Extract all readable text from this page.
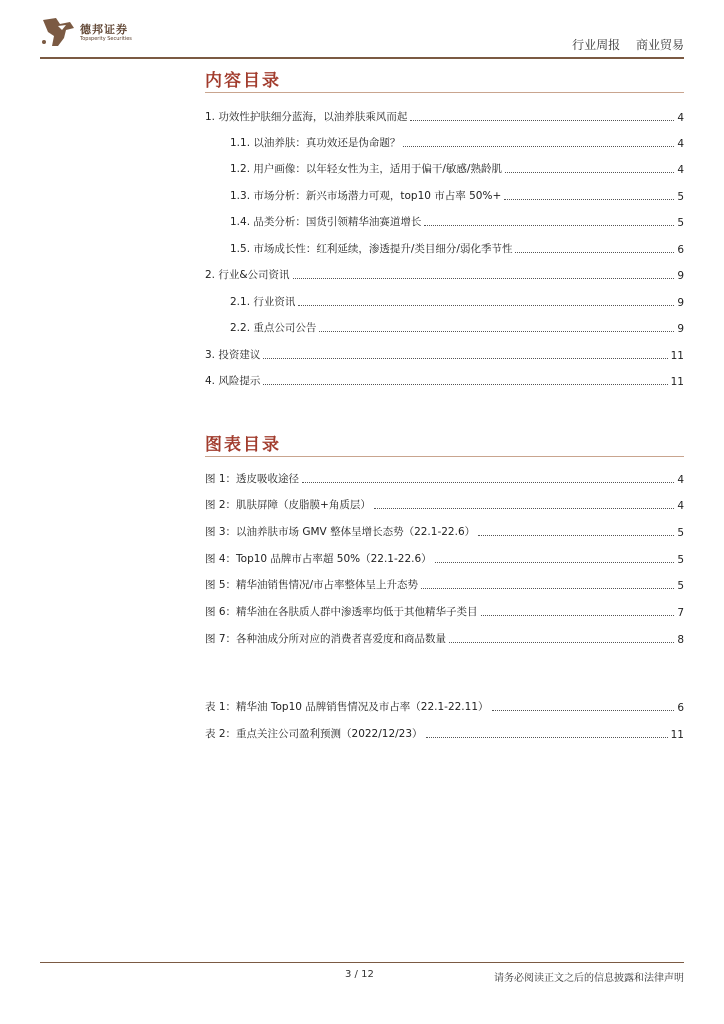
德邦证券
Topsperity Securities	行业周报 商业贸易
内容目录
1. 功效性护肤细分蓝海，以油养肤乘风而起	4
1.1. 以油养肤：真功效还是伪命题？	4
1.2. 用户画像：以年轻女性为主，适用于偏干/敏感/熟龄肌	4
1.3. 市场分析：新兴市场潜力可观，top10 市占率 50%+	5
1.4. 品类分析：国货引领精华油赛道增长	5
1.5. 市场成长性：红利延续，渗透提升/类目细分/弱化季节性	6
2. 行业&公司资讯	9
2.1. 行业资讯	9
2.2. 重点公司公告	9
3. 投资建议	11
4. 风险提示	11
图表目录
图 1：透皮吸收途径	4
图 2：肌肤屏障（皮脂膜+角质层）	4
图 3：以油养肤市场 GMV 整体呈增长态势（22.1-22.6）	5
图 4：Top10 品牌市占率超 50%（22.1-22.6）	5
图 5：精华油销售情况/市占率整体呈上升态势	5
图 6：精华油在各肤质人群中渗透率均低于其他精华子类目	7
图 7：各种油成分所对应的消费者喜爱度和商品数量	8
表 1：精华油 Top10 品牌销售情况及市占率（22.1-22.11）	6
表 2：重点关注公司盈利预测（2022/12/23）	11
3 / 12	请务必阅读正文之后的信息披露和法律声明
